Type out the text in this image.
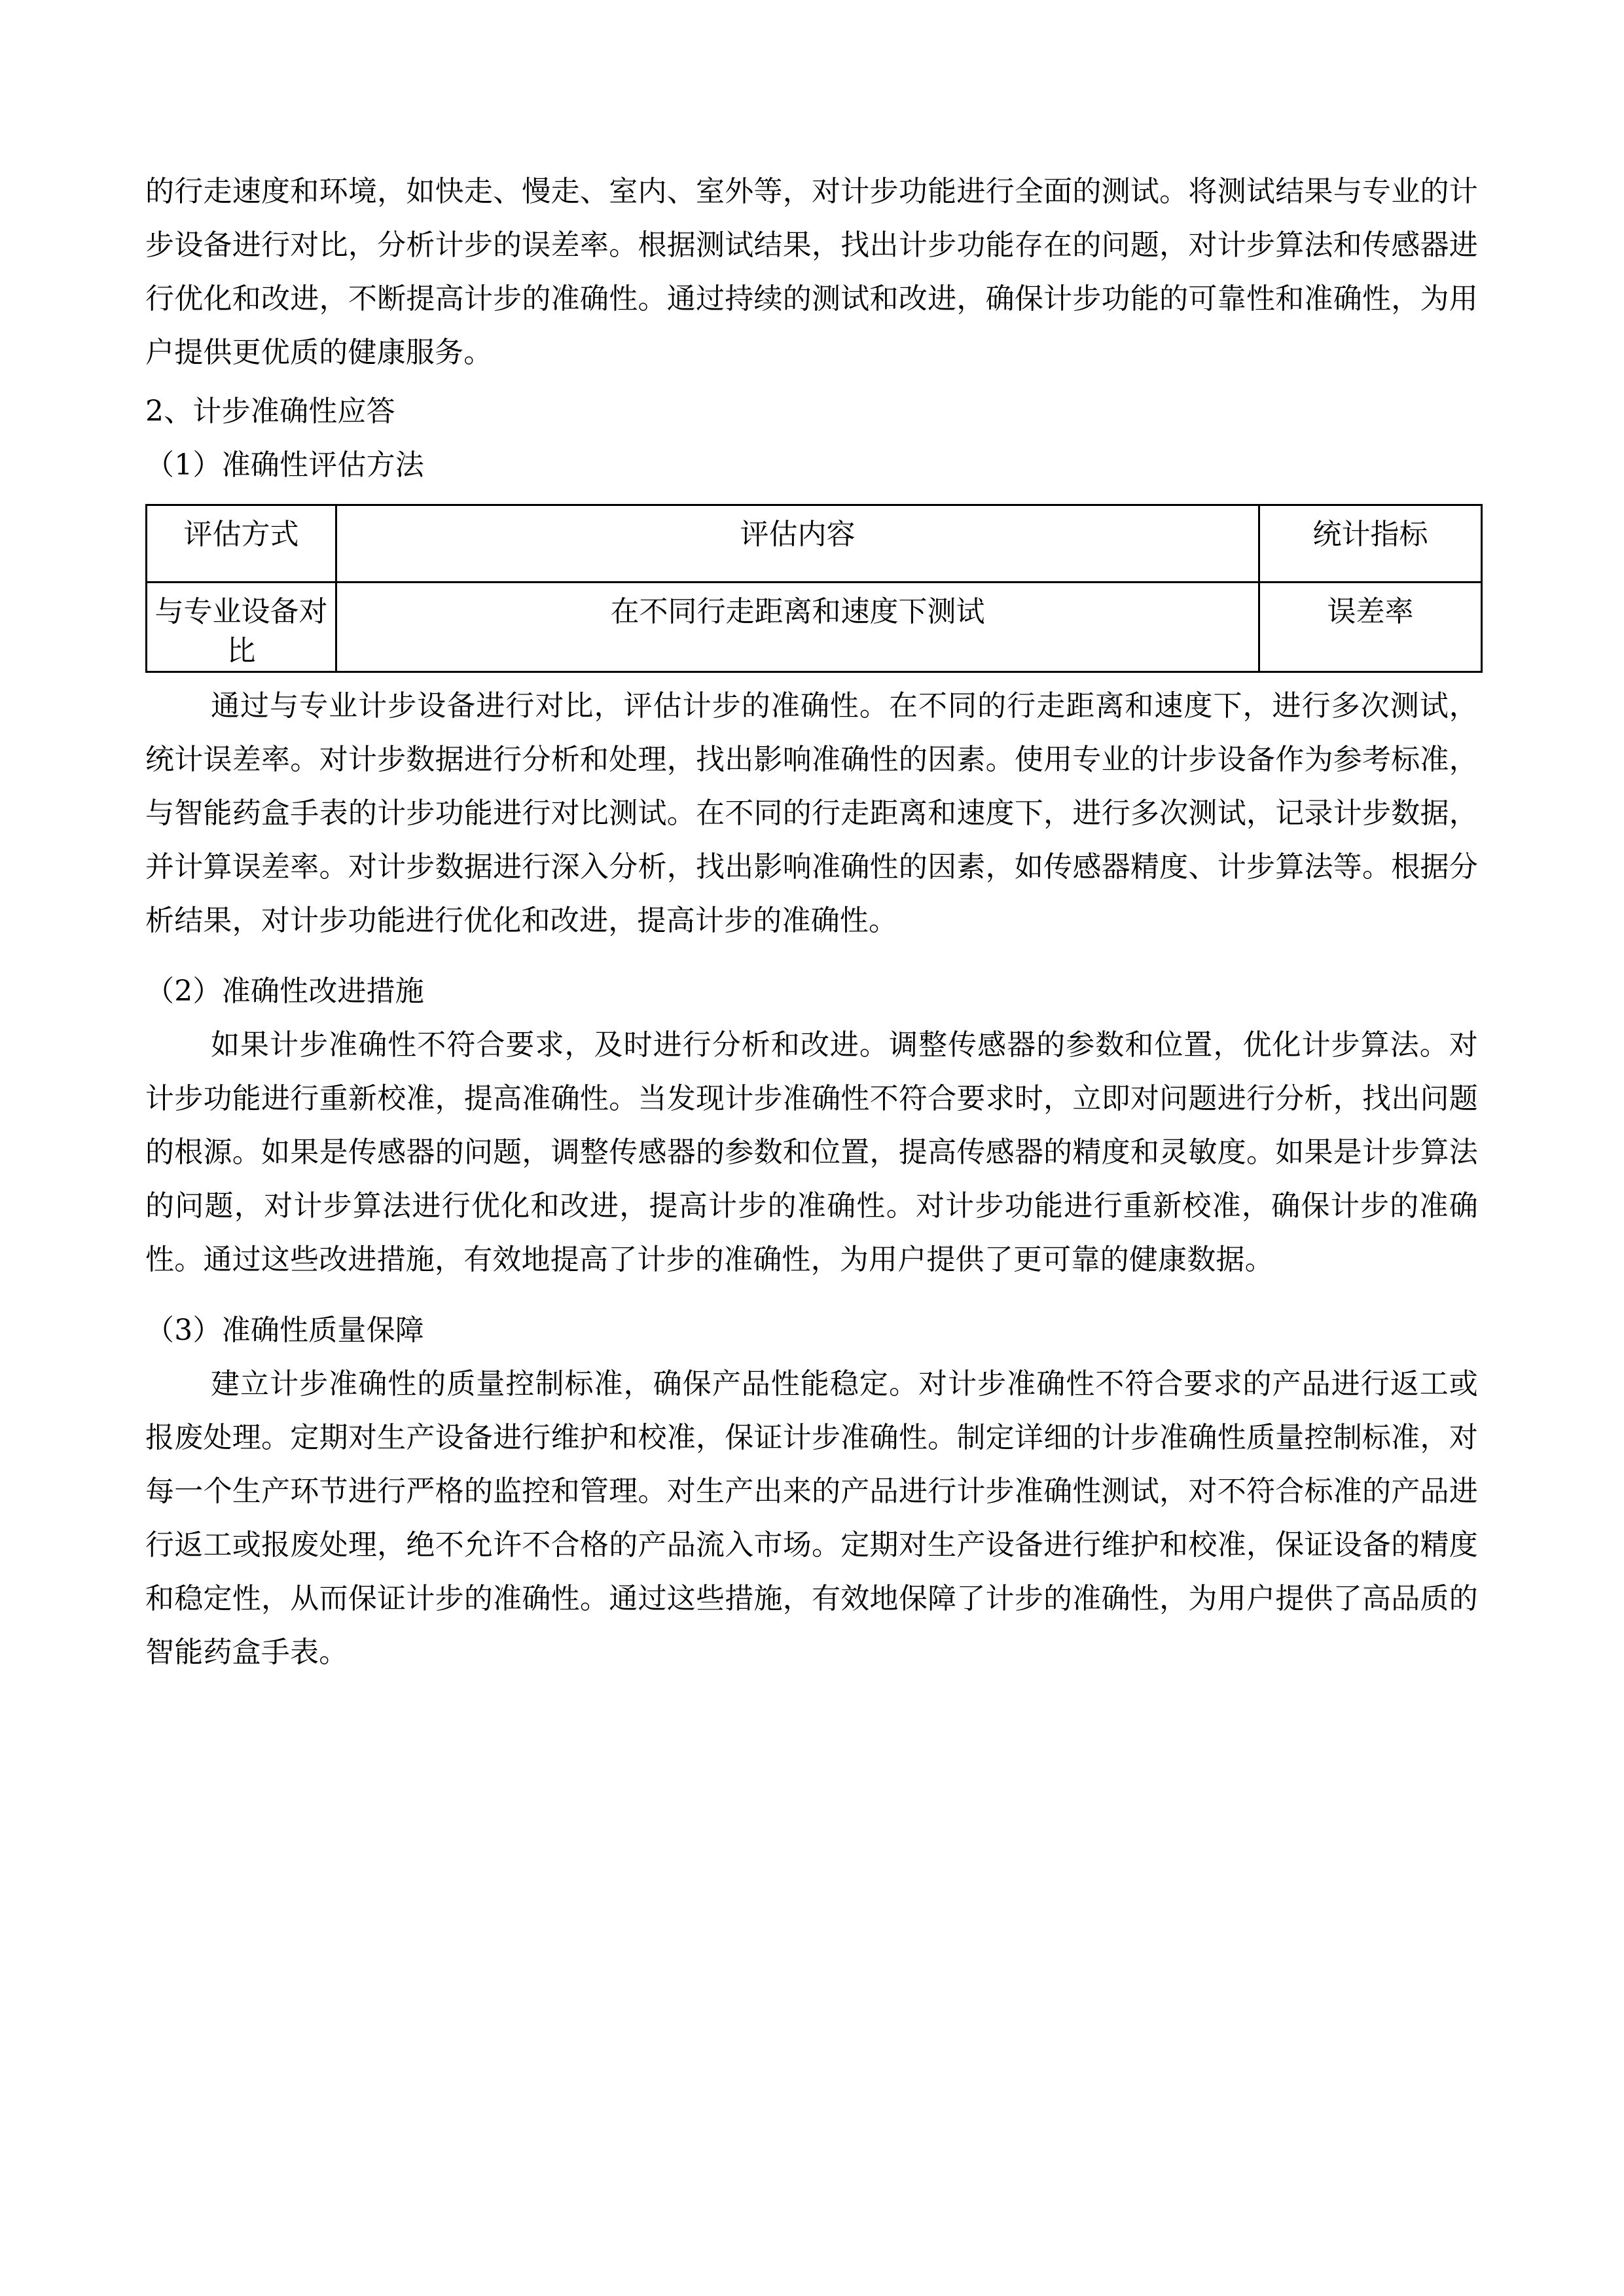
的行走速度和环境，如快走、慢走、室内、室外等，对计步功能进行全面的测试。将测试结果与专业的计步设备进行对比，分析计步的误差率。根据测试结果，找出计步功能存在的问题，对计步算法和传感器进行优化和改进，不断提高计步的准确性。通过持续的测试和改进，确保计步功能的可靠性和准确性，为用户提供更优质的健康服务。

2、计步准确性应答

（1）准确性评估方法

评估方式	评估内容	统计指标
与专业设备对比	在不同行走距离和速度下测试	误差率

通过与专业计步设备进行对比，评估计步的准确性。在不同的行走距离和速度下，进行多次测试，统计误差率。对计步数据进行分析和处理，找出影响准确性的因素。使用专业的计步设备作为参考标准，与智能药盒手表的计步功能进行对比测试。在不同的行走距离和速度下，进行多次测试，记录计步数据，并计算误差率。对计步数据进行深入分析，找出影响准确性的因素，如传感器精度、计步算法等。根据分析结果，对计步功能进行优化和改进，提高计步的准确性。

（2）准确性改进措施

如果计步准确性不符合要求，及时进行分析和改进。调整传感器的参数和位置，优化计步算法。对计步功能进行重新校准，提高准确性。当发现计步准确性不符合要求时，立即对问题进行分析，找出问题的根源。如果是传感器的问题，调整传感器的参数和位置，提高传感器的精度和灵敏度。如果是计步算法的问题，对计步算法进行优化和改进，提高计步的准确性。对计步功能进行重新校准，确保计步的准确性。通过这些改进措施，有效地提高了计步的准确性，为用户提供了更可靠的健康数据。

（3）准确性质量保障

建立计步准确性的质量控制标准，确保产品性能稳定。对计步准确性不符合要求的产品进行返工或报废处理。定期对生产设备进行维护和校准，保证计步准确性。制定详细的计步准确性质量控制标准，对每一个生产环节进行严格的监控和管理。对生产出来的产品进行计步准确性测试，对不符合标准的产品进行返工或报废处理，绝不允许不合格的产品流入市场。定期对生产设备进行维护和校准，保证设备的精度和稳定性，从而保证计步的准确性。通过这些措施，有效地保障了计步的准确性，为用户提供了高品质的智能药盒手表。
